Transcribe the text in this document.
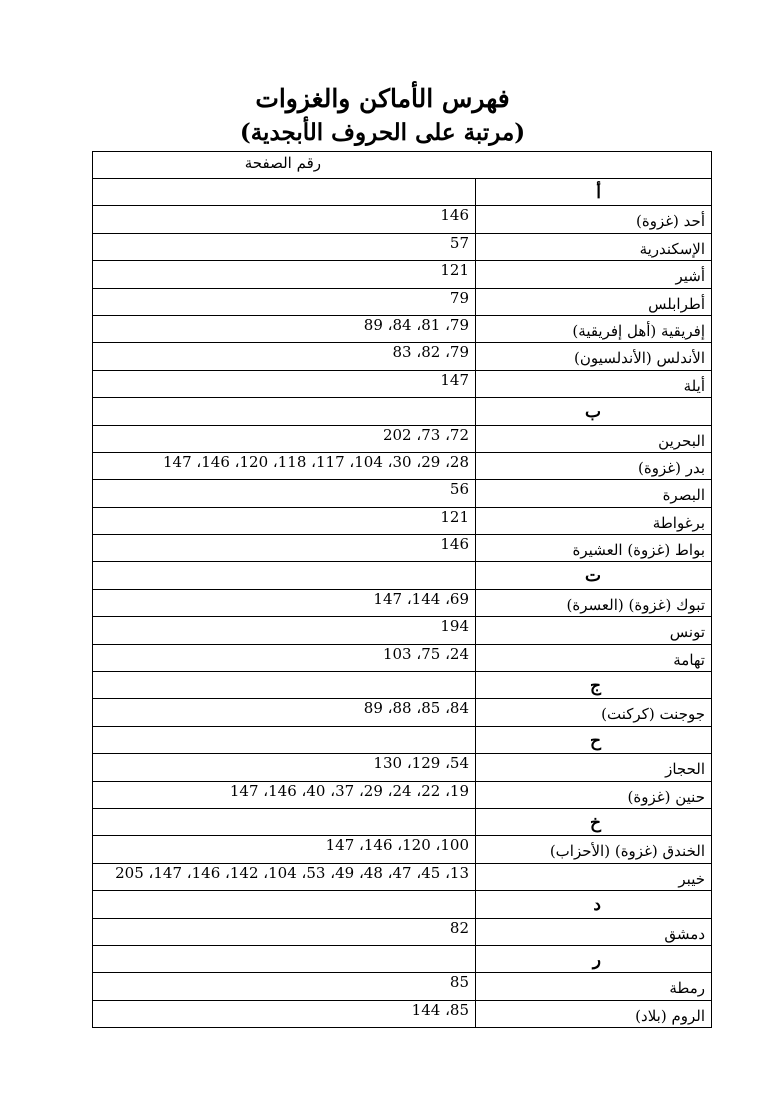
فهرس الأماكن والغزوات
(مرتبة على الحروف الأبجدية)
رقم الصفحة
أ
أحد (غزوة)
146
الإسكندرية
57
أشير
121
أطرابلس
79
إفريقية (أهل إفريقية)
79، 81، 84، 89
الأندلس (الأندلسيون)
79، 82، 83
أيلة
147
ب
البحرين
72، 73، 202
بدر (غزوة)
28، 29، 30، 104، 117، 118، 120، 146، 147
البصرة
56
برغواطة
121
بواط (غزوة) العشيرة
146
ت
تبوك (غزوة) (العسرة)
69، 144، 147
تونس
194
تهامة
24، 75، 103
ج
جوجنت (كركنت)
84، 85، 88، 89
ح
الحجاز
54، 129، 130
حنين (غزوة)
19، 22، 24، 29، 37، 40، 146، 147
خ
الخندق (غزوة) (الأحزاب)
100، 120، 146، 147
خيبر
13، 45، 47، 48، 49، 53، 104، 142، 146، 147، 205
د
دمشق
82
ر
رمطة
85
الروم (بلاد)
85، 144
